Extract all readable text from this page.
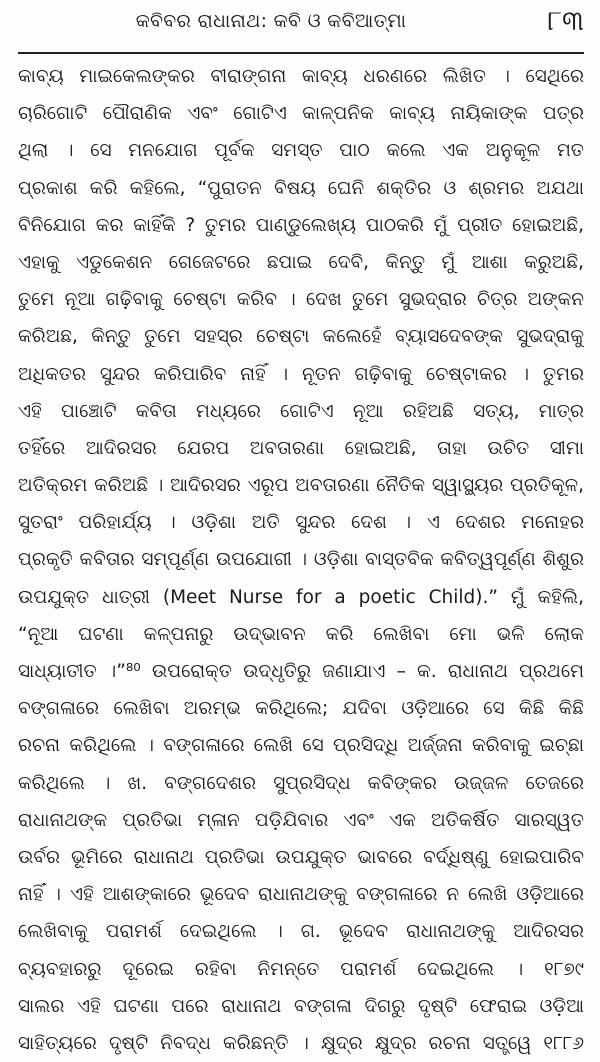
କବିବର ରାଧାନାଥ: କବି ଓ କବିଆତ୍ମା	୮୩
କାବ୍ୟ ମାଇକେଲଙ୍କର ବୀରାଙ୍ଗନା କାବ୍ୟ ଧରଣରେ ଲିଖିତ । ସେଥିରେ
ଚାରିଗୋଟି ପୌରାଣିକ ଏବଂ ଗୋଟିଏ କାଳ୍ପନିକ କାବ୍ୟ ନାୟିକାଙ୍କ ପତ୍ର
ଥିଲା । ସେ ମନଯୋଗ ପୂର୍ବକ ସମସ୍ତ ପାଠ କଲେ ଏକ ଅନୁକୂଳ ମତ
ପ୍ରକାଶ କରି କହିଲେ, “ପୁରାତନ ବିଷୟ ଘେନି ଶକ୍ତିର ଓ ଶ୍ରମର ଅଯଥା
ବିନିଯୋଗ କର କାହିଁକି ? ତୁମର ପାଣ୍ଡୁଲେଖ୍ୟ ପାଠକରି ମୁଁ ପ୍ରୀତ ହୋଇଅଛି,
ଏହାକୁ ଏଡୁକେଶନ ଗେଜେଟରେ ଛପାଇ ଦେବି, କିନ୍ତୁ ମୁଁ ଆଶା କରୁଅଛି,
ତୁମେ ନୂଆ ଗଢ଼ିବାକୁ ଚେଷ୍ଟା କରିବ । ଦେଖ ତୁମେ ସୁଭଦ୍ରାର ଚିତ୍ର ଅଙ୍କନ
କରିଅଛ, କିନ୍ତୁ ତୁମେ ସହସ୍ର ଚେଷ୍ଟା କଲେହେଁ ବ୍ୟାସଦେବଙ୍କ ସୁଭଦ୍ରାକୁ
ଅଧିକତର ସୁନ୍ଦର କରିପାରିବ ନାହିଁ । ନୂତନ ଗଢ଼ିବାକୁ ଚେଷ୍ଟାକର । ତୁମର
ଏହି ପାଞ୍ଚୋଟି କବିତା ମଧ୍ୟରେ ଗୋଟିଏ ନୂଆ ରହିଅଛି ସତ୍ୟ, ମାତ୍ର
ତହିଁରେ ଆଦିରସର ଯେରପ ଅବତାରଣା ହୋଇଅଛି, ତାହା ଉଚିତ ସୀମା
ଅତିକ୍ରମ କରିଅଛି । ଆଦିରସର ଏରୂପ ଅବତାରଣା ନୈତିକ ସ୍ୱାସ୍ଥ୍ୟର ପ୍ରତିକୂଳ,
ସୁତରାଂ ପରିହାର୍ଯ୍ୟ । ଓଡ଼ିଶା ଅତି ସୁନ୍ଦର ଦେଶ । ଏ ଦେଶର ମନୋହର
ପ୍ରକୃତି କବିତାର ସମ୍ପୂର୍ଣ୍ଣ ଉପଯୋଗୀ । ଓଡ଼ିଶା ବାସ୍ତବିକ କବିତ୍ୱପୂର୍ଣ୍ଣ ଶିଶୁର
ଉପଯୁକ୍ତ ଧାତ୍ରୀ (Meet Nurse for a poetic Child).” ମୁଁ କହିଲି,
“ନୂଆ ଘଟଣା କଳ୍ପନାରୁ ଉଦ୍ଭାବନ କରି ଲେଖିବା ମୋ ଭଳି ଲୋକ
ସାଧ୍ୟାତୀତ ।”⁸⁰ ଉପରୋକ୍ତ ଉଦ୍ଧୃତିରୁ ଜଣାଯାଏ – କ. ରାଧାନାଥ ପ୍ରଥମେ
ବଙ୍ଗଳାରେ ଲେଖିବା ଅରମ୍ଭ କରିଥିଲେ; ଯଦିବା ଓଡ଼ିଆରେ ସେ କିଛି କିଛି
ରଚନା କରିଥିଲେ । ବଙ୍ଗଳାରେ ଲେଖି ସେ ପ୍ରସିଦ୍ଧି ଅର୍ଜ୍ଜନା କରିବାକୁ ଇଚ୍ଛା
କରିଥିଲେ । ଖ. ବଙ୍ଗଦେଶର ସୁପ୍ରସିଦ୍ଧ କବିଙ୍କର ଉଜ୍ଜଳ ତେଜରେ
ରାଧାନାଥଙ୍କ ପ୍ରତିଭା ମ୍ଳାନ ପଡ଼ିଯିବାର ଏବଂ ଏକ ଅତିକର୍ଷିତ ସାରସ୍ୱତ
ଉର୍ବର ଭୂମିରେ ରାଧାନାଥ ପ୍ରତିଭା ଉପଯୁକ୍ତ ଭାବରେ ବର୍ଦ୍ଧିଷ୍ଣୁ ହୋଇପାରିବ
ନାହିଁ । ଏହି ଆଶଙ୍କାରେ ଭୂଦେବ ରାଧାନାଥଙ୍କୁ ବଙ୍ଗଳାରେ ନ ଲେଖି ଓଡ଼ିଆରେ
ଲେଖିବାକୁ ପରାମର୍ଶ ଦେଇଥିଲେ । ଗ. ଭୂଦେବ ରାଧାନାଥଙ୍କୁ ଆଦିରସର
ବ୍ୟବହାରରୁ ଦୂରେଇ ରହିବା ନିମନ୍ତେ ପରାମର୍ଶ ଦେଇଥିଲେ । ୧୮୭୯
ସାଲର ଏହି ଘଟଣା ପରେ ରାଧାନାଥ ବଙ୍ଗଳା ଦିଗରୁ ଦୃଷ୍ଟି ଫେରାଇ ଓଡ଼ିଆ
ସାହିତ୍ୟରେ ଦୃଷ୍ଟି ନିବଦ୍ଧ କରିଛନ୍ତି । କ୍ଷୁଦ୍ର କ୍ଷୁଦ୍ର ରଚନା ସତ୍ତ୍ୱେ ୧୮୮୬
